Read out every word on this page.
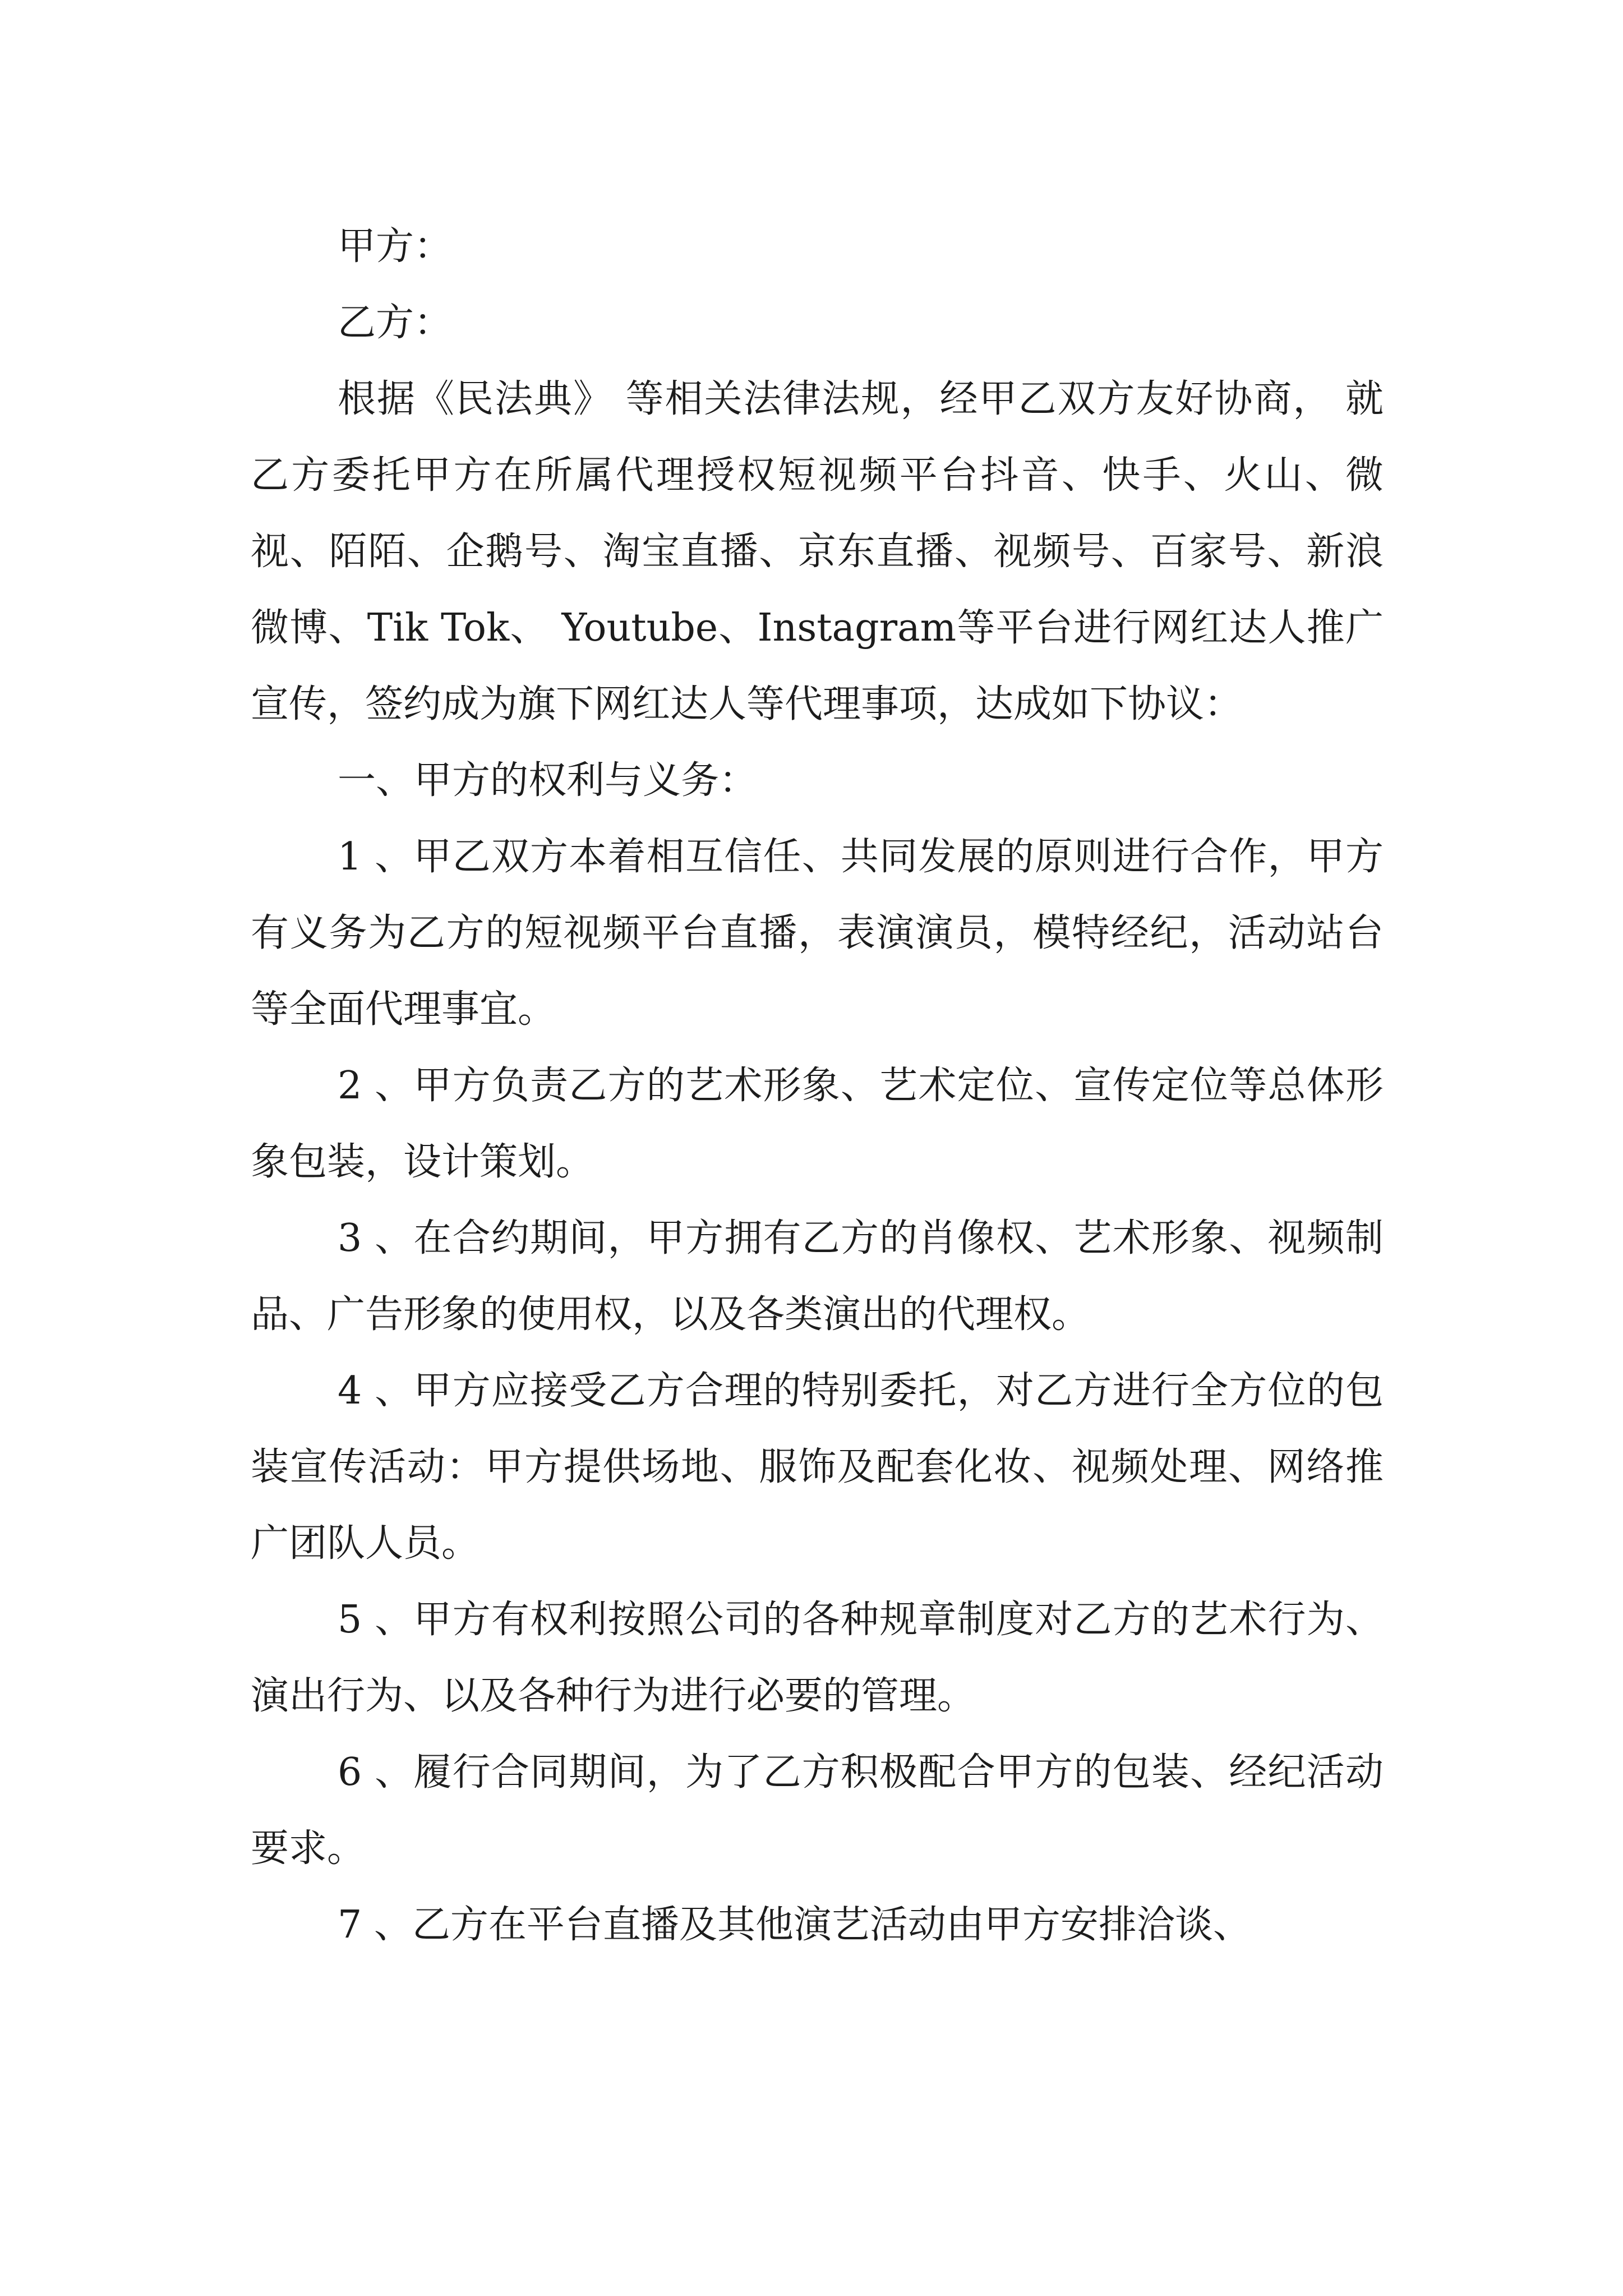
甲方：

乙方：

根据《民法典》 等相关法律法规，经甲乙双方友好协商， 就乙方委托甲方在所属代理授权短视频平台抖音、快手、火山、微视、陌陌、企鹅号、淘宝直播、京东直播、视频号、百家号、新浪微博、Tik Tok、 Youtube、Instagram等平台进行网红达人推广宣传，签约成为旗下网红达人等代理事项，达成如下协议：

一、甲方的权利与义务：

1 、甲乙双方本着相互信任、共同发展的原则进行合作，甲方有义务为乙方的短视频平台直播，表演演员，模特经纪，活动站台等全面代理事宜。

2 、甲方负责乙方的艺术形象、艺术定位、宣传定位等总体形象包装，设计策划。

3 、在合约期间，甲方拥有乙方的肖像权、艺术形象、视频制品、广告形象的使用权，以及各类演出的代理权。

4 、甲方应接受乙方合理的特别委托，对乙方进行全方位的包装宣传活动：甲方提供场地、服饰及配套化妆、视频处理、网络推广团队人员。

5 、甲方有权利按照公司的各种规章制度对乙方的艺术行为、演出行为、以及各种行为进行必要的管理。

6 、履行合同期间，为了乙方积极配合甲方的包装、经纪活动要求。

7 、乙方在平台直播及其他演艺活动由甲方安排洽谈、
